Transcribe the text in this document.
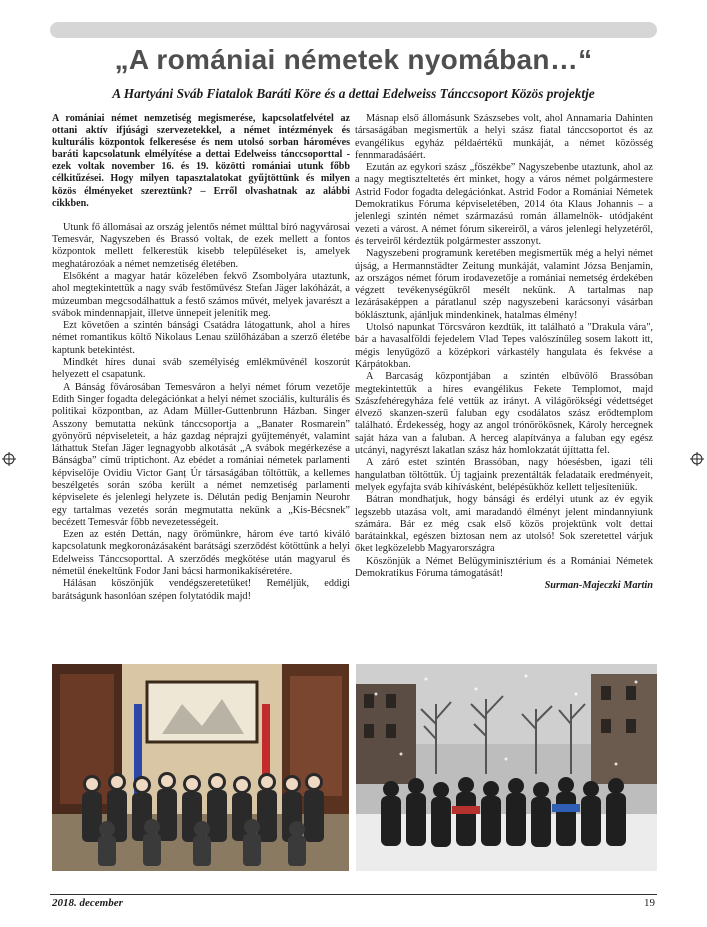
„A romániai németek nyomában…“
A Hartyáni Sváb Fiatalok Baráti Köre és a dettai Edelweiss Tánccsoport Közös projektje

A romániai német nemzetiség megismerése, kapcsolatfelvétel az ottani aktív ifjúsági szervezetekkel, a német intézmények és kulturális központok felkeresése és nem utolsó sorban hároméves baráti kapcsolatunk elmélyítése a dettai Edelweiss tánccsoporttal - ezek voltak november 16. és 19. közötti romániai utunk főbb célkitűzései. Hogy milyen tapasztalatokat gyűjtöttünk és milyen közös élményeket szereztünk? – Erről olvashatnak az alábbi cikkben.

Utunk fő állomásai az ország jelentős német múlttal bíró nagyvárosai Temesvár, Nagyszeben és Brassó voltak, de ezek mellett a fontos központok mellett felkerestük kisebb településeket is, amelyek meghatározóak a német nemzetiség életében.

Elsőként a magyar határ közelében fekvő Zsombolyára utaztunk, ahol megtekintettük a nagy sváb festőművész Stefan Jäger lakóházát, a múzeumban megcsodálhattuk a festő számos művét, melyek javarészt a svábok mindennapjait, illetve ünnepeit jelenítik meg.

Ezt követően a szintén bánsági Csatádra látogattunk, ahol a híres német romantikus költő Nikolaus Lenau szülőházában a szerző életébe kaptunk betekintést.

Mindkét híres dunai sváb személyiség emlékművénél koszorút helyezett el csapatunk.

A Bánság fővárosában Temesváron a helyi német fórum vezetője Edith Singer fogadta delegációnkat a helyi német szociális, kulturális és politikai központban, az Adam Müller-Guttenbrunn Házban. Singer Asszony bemutatta nekünk tánccsoportja a „Banater Rosmarein” gyönyörű népviseleteit, a ház gazdag néprajzi gyűjteményét, valamint láthattuk Stefan Jäger legnagyobb alkotását „A svábok megérkezése a Bánságba” című triptichont. Az ebédet a romániai németek parlamenti képviselője Ovidiu Victor Ganț Úr társaságában töltöttük, a kellemes beszélgetés során szóba került a német nemzetiség parlamenti képviselete és jelenlegi helyzete is. Délután pedig Benjamin Neurohr egy tartalmas vezetés során megmutatta nekünk a „Kis-Bécsnek” becézett Temesvár főbb nevezetességeit.

Ezen az estén Dettán, nagy örömünkre, három éve tartó kiváló kapcsolatunk megkoronázásaként barátsági szerződést kötöttünk a helyi Edelweiss Tánccsoporttal. A szerződés megkötése után magyarul és németül énekeltünk Fodor Jani bácsi harmonikakíséretére.

Hálásan köszönjük vendégszeretetüket! Reméljük, eddigi barátságunk hasonlóan szépen folytatódik majd!

Másnap első állomásunk Szászsebes volt, ahol Annamaria Dahinten társaságában megismertük a helyi szász fiatal tánccsoportot és az evangélikus egyház példaértékű munkáját, a német közösség fennmaradásáért.

Ezután az egykori szász „főszékbe” Nagyszebenbe utaztunk, ahol az a nagy megtiszteltetés ért minket, hogy a város német polgármestere Astrid Fodor fogadta delegációnkat. Astrid Fodor a Romániai Németek Demokratikus Fóruma képviseletében, 2014 óta Klaus Johannis – a jelenlegi szintén német származású román államelnök- utódjaként vezeti a várost. A német fórum sikereiről, a város jelenlegi helyzetéről, és terveiről kérdeztük polgármester asszonyt.

Nagyszebeni programunk keretében megismertük még a helyi német újság, a Hermannstädter Zeitung munkáját, valamint Józsa Benjamin, az országos német fórum irodavezetője a romániai nemetség érdekében végzett tevékenységükről mesélt nekünk. A tartalmas nap lezárásaképpen a páratlanul szép nagyszebeni karácsonyi vásárban bóklásztunk, ajánljuk mindenkinek, hatalmas élmény!

Utolsó napunkat Törcsváron kezdtük, itt található a "Drakula vára", bár a havasalföldi fejedelem Vlad Tepes valószínűleg sosem lakott itt, mégis lenyűgöző a középkori várkastély hangulata és fekvése a Kárpátokban.

A Barcaság központjában a szintén elbűvölő Brassóban megtekintettük a híres evangélikus Fekete Templomot, majd Szászfehéregyháza felé vettük az irányt. A világörökségi védettséget élvező skanzen-szerű faluban egy csodálatos szász erődtemplom található. Érdekesség, hogy az angol trónörökösnek, Károly hercegnek saját háza van a faluban. A herceg alapítványa a faluban egy egész utcányi, nagyrészt lakatlan szász ház homlokzatát újíttatta fel.

A záró estet szintén Brassóban, nagy hóesésben, igazi téli hangulatban töltöttük. Új tagjaink prezentálták feladataik eredményeit, melyek egyfajta sváb kihívásként, belépésükhöz kellett teljesíteniük.

Bátran mondhatjuk, hogy bánsági és erdélyi utunk az év egyik legszebb utazása volt, ami maradandó élményt jelent mindannyiunk számára. Bár ez még csak első közös projektünk volt dettai barátainkkal, egészen biztosan nem az utolsó! Sok szeretettel várjuk őket legközelebb Magyarországra

Köszönjük a Német Belügyminisztérium és a Romániai Németek Demokratikus Fóruma támogatását!

Surman-Majeczki Martin

2018. december	19
